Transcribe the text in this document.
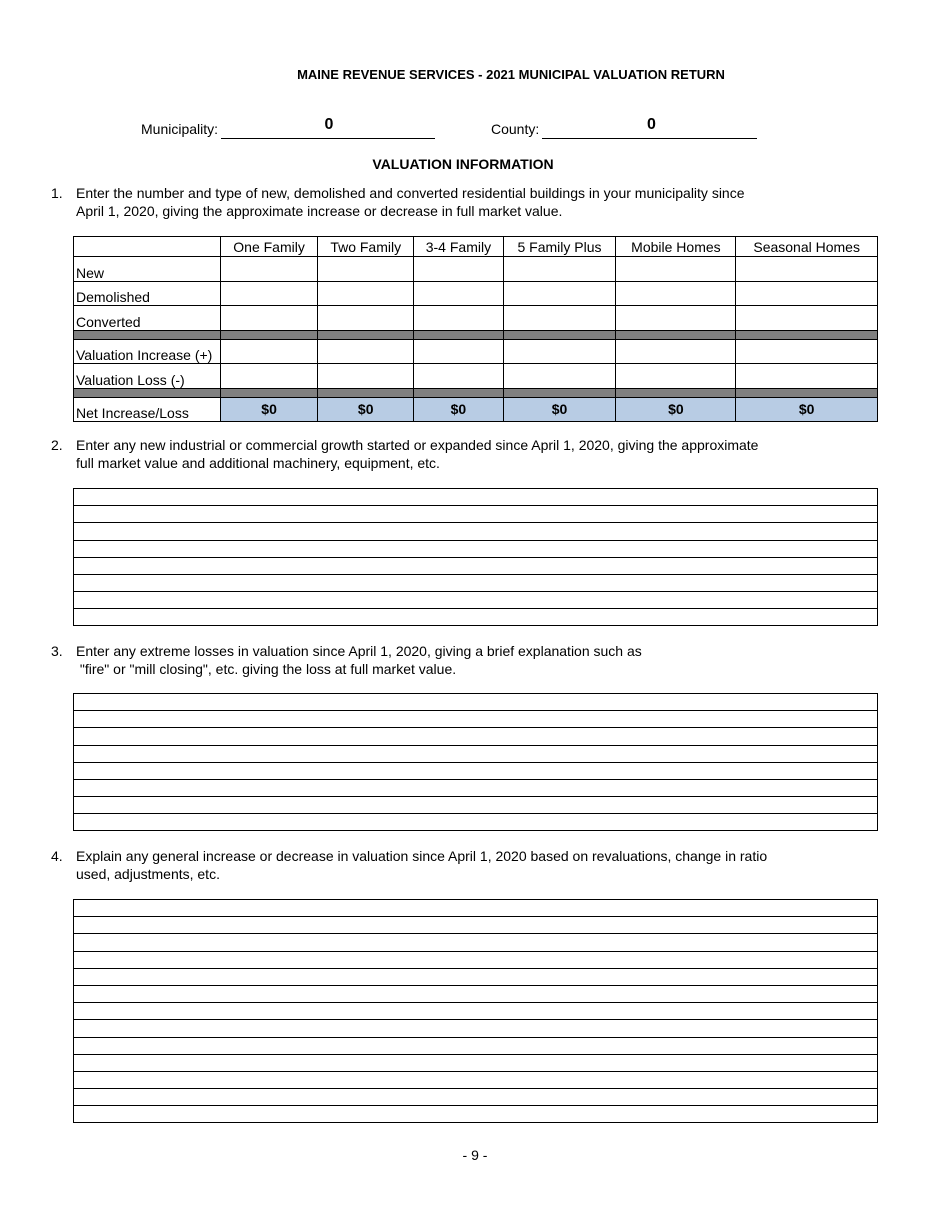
MAINE REVENUE SERVICES - 2021 MUNICIPAL VALUATION RETURN
Municipality:	0	County:	0
VALUATION INFORMATION
1. Enter the number and type of new, demolished and converted residential buildings in your municipality since
April 1, 2020, giving the approximate increase or decrease in full market value.
	One Family	Two Family	3-4 Family	5 Family Plus	Mobile Homes	Seasonal Homes
New						
Demolished						
Converted						

Valuation Increase (+)						
Valuation Loss (-)						

Net Increase/Loss	$0	$0	$0	$0	$0	$0
2. Enter any new industrial or commercial growth started or expanded since April 1, 2020, giving the approximate
full market value and additional machinery, equipment, etc.
3. Enter any extreme losses in valuation since April 1, 2020, giving a brief explanation such as
"fire" or "mill closing", etc. giving the loss at full market value.
4. Explain any general increase or decrease in valuation since April 1, 2020 based on revaluations, change in ratio
used, adjustments, etc.
- 9 -
